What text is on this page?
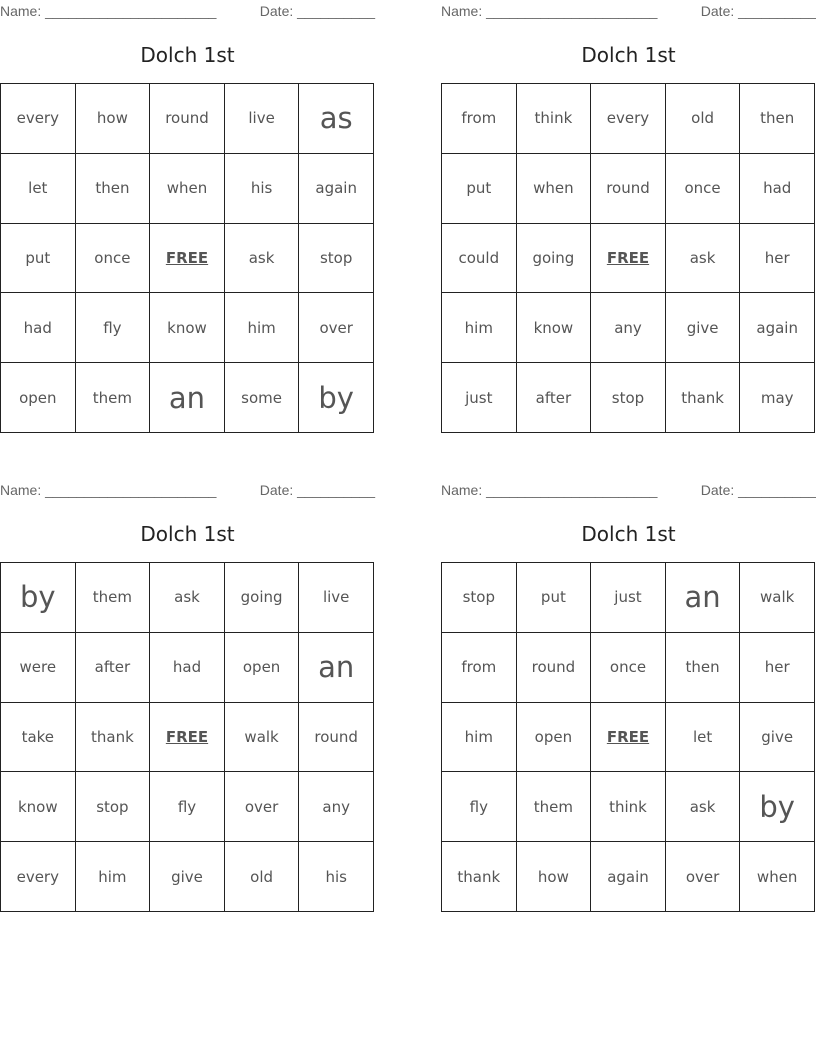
Name: ______________________	Date: __________
Dolch 1st
every	how	round	live	as
let	then	when	his	again
put	once	FREE	ask	stop
had	fly	know	him	over
open	them	an	some	by
Name: ______________________	Date: __________
Dolch 1st
from	think	every	old	then
put	when	round	once	had
could	going	FREE	ask	her
him	know	any	give	again
just	after	stop	thank	may
Name: ______________________	Date: __________
Dolch 1st
by	them	ask	going	live
were	after	had	open	an
take	thank	FREE	walk	round
know	stop	fly	over	any
every	him	give	old	his
Name: ______________________	Date: __________
Dolch 1st
stop	put	just	an	walk
from	round	once	then	her
him	open	FREE	let	give
fly	them	think	ask	by
thank	how	again	over	when
